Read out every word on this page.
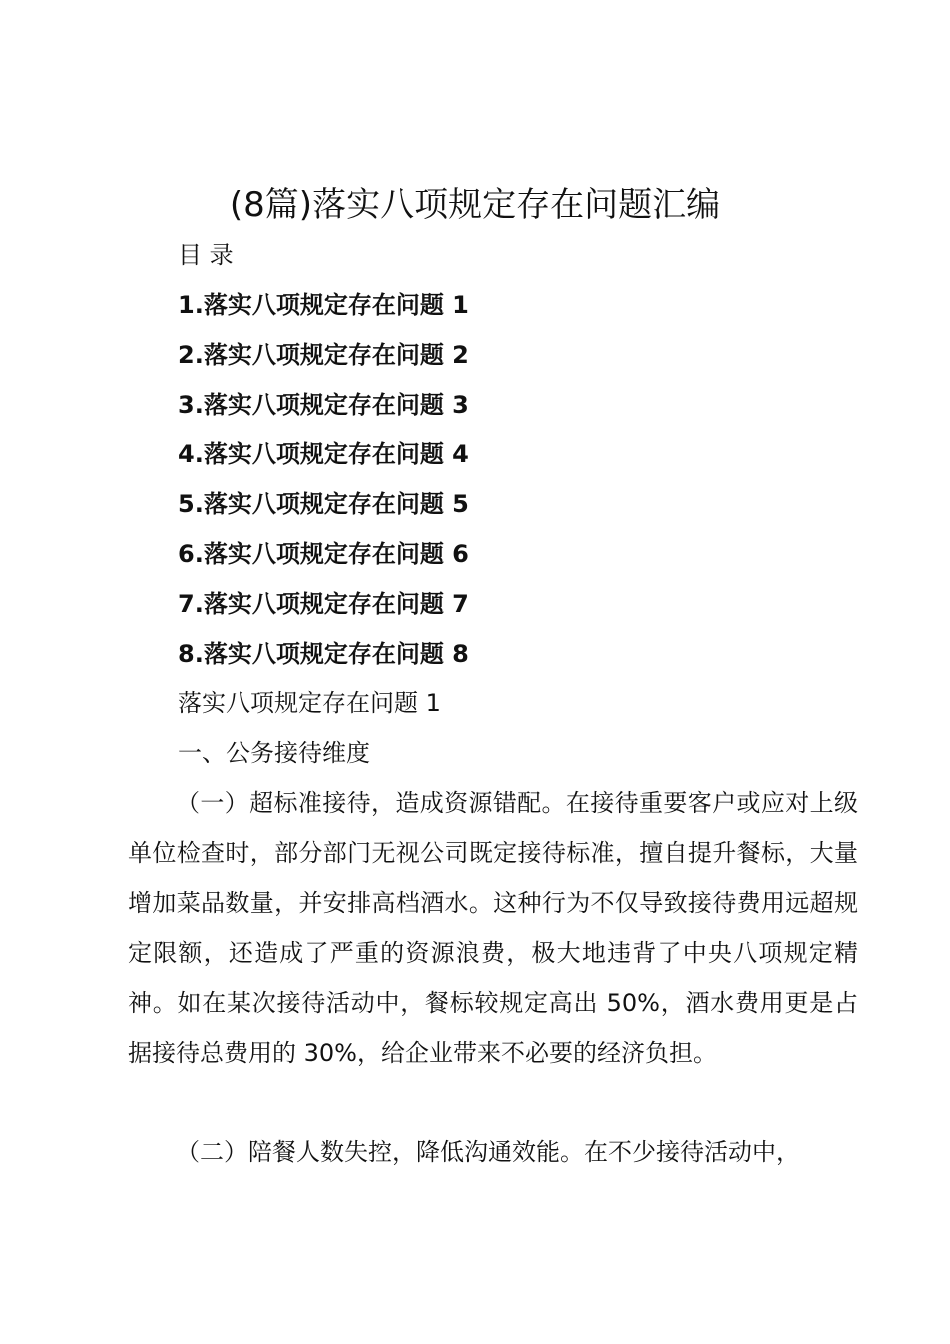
(8篇)落实八项规定存在问题汇编
目 录
1.落实八项规定存在问题 1
2.落实八项规定存在问题 2
3.落实八项规定存在问题 3
4.落实八项规定存在问题 4
5.落实八项规定存在问题 5
6.落实八项规定存在问题 6
7.落实八项规定存在问题 7
8.落实八项规定存在问题 8
落实八项规定存在问题 1
一、公务接待维度
（一）超标准接待，造成资源错配。在接待重要客户或应对上级单位检查时，部分部门无视公司既定接待标准，擅自提升餐标，大量增加菜品数量，并安排高档酒水。这种行为不仅导致接待费用远超规定限额，还造成了严重的资源浪费，极大地违背了中央八项规定精神。如在某次接待活动中，餐标较规定高出 50%，酒水费用更是占据接待总费用的 30%，给企业带来不必要的经济负担。
（二）陪餐人数失控，降低沟通效能。在不少接待活动中，
